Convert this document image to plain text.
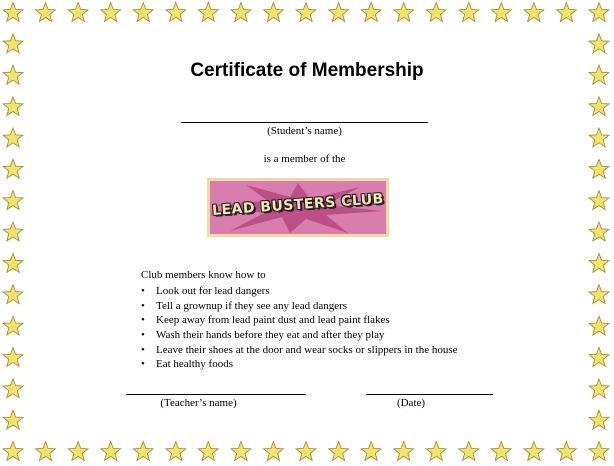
Certificate of Membership
(Student’s name)
is a member of the
LEAD BUSTERS CLUB
Club members know how to
• Look out for lead dangers
• Tell a grownup if they see any lead dangers
• Keep away from lead paint dust and lead paint flakes
• Wash their hands before they eat and after they play
• Leave their shoes at the door and wear socks or slippers in the house
• Eat healthy foods
(Teacher’s name)	(Date)
